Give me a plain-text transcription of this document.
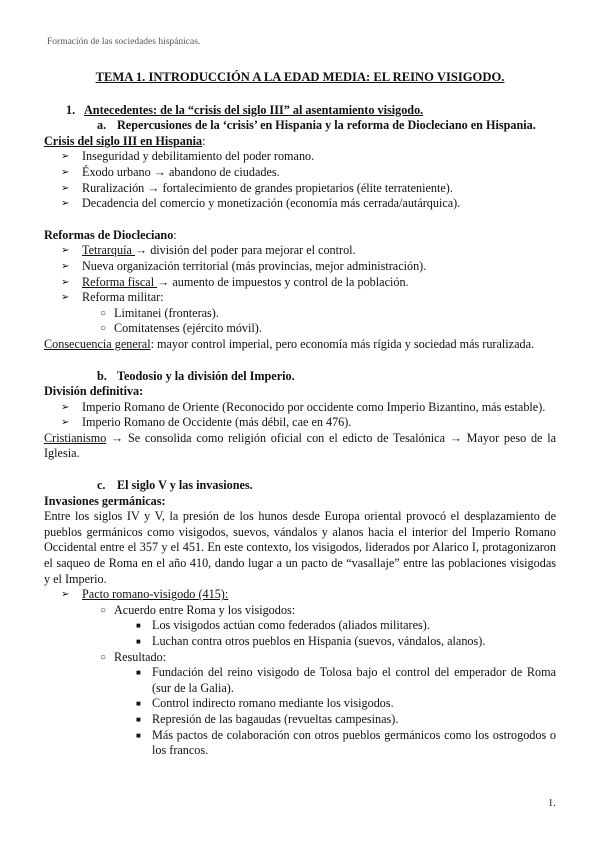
Formación de las sociedades hispánicas.
TEMA 1. INTRODUCCIÓN A LA EDAD MEDIA: EL REINO VISIGODO.
1. Antecedentes: de la “crisis del siglo III” al asentamiento visigodo.
a. Repercusiones de la ‘crisis’ en Hispania y la reforma de Diocleciano en Hispania.
Crisis del siglo III en Hispania:
➢ Inseguridad y debilitamiento del poder romano.
➢ Éxodo urbano → abandono de ciudades.
➢ Ruralización → fortalecimiento de grandes propietarios (élite terrateniente).
➢ Decadencia del comercio y monetización (economía más cerrada/autárquica).
Reformas de Diocleciano:
➢ Tetrarquía → división del poder para mejorar el control.
➢ Nueva organización territorial (más provincias, mejor administración).
➢ Reforma fiscal → aumento de impuestos y control de la población.
➢ Reforma militar:
○ Limitanei (fronteras).
○ Comitatenses (ejército móvil).
Consecuencia general: mayor control imperial, pero economía más rígida y sociedad más ruralizada.
b. Teodosio y la división del Imperio.
División definitiva:
➢ Imperio Romano de Oriente (Reconocido por occidente como Imperio Bizantino, más estable).
➢ Imperio Romano de Occidente (más débil, cae en 476).
Cristianismo → Se consolida como religión oficial con el edicto de Tesalónica → Mayor peso de la Iglesia.
c. El siglo V y las invasiones.
Invasiones germánicas:
Entre los siglos IV y V, la presión de los hunos desde Europa oriental provocó el desplazamiento de pueblos germánicos como visigodos, suevos, vándalos y alanos hacia el interior del Imperio Romano Occidental entre el 357 y el 451. En este contexto, los visigodos, liderados por Alarico I, protagonizaron el saqueo de Roma en el año 410, dando lugar a un pacto de “vasallaje” entre las poblaciones visigodas y el Imperio.
➢ Pacto romano-visigodo (415):
○ Acuerdo entre Roma y los visigodos:
■ Los visigodos actúan como federados (aliados militares).
■ Luchan contra otros pueblos en Hispania (suevos, vándalos, alanos).
○ Resultado:
■ Fundación del reino visigodo de Tolosa bajo el control del emperador de Roma (sur de la Galia).
■ Control indirecto romano mediante los visigodos.
■ Represión de las bagaudas (revueltas campesinas).
■ Más pactos de colaboración con otros pueblos germánicos como los ostrogodos o los francos.
1.
